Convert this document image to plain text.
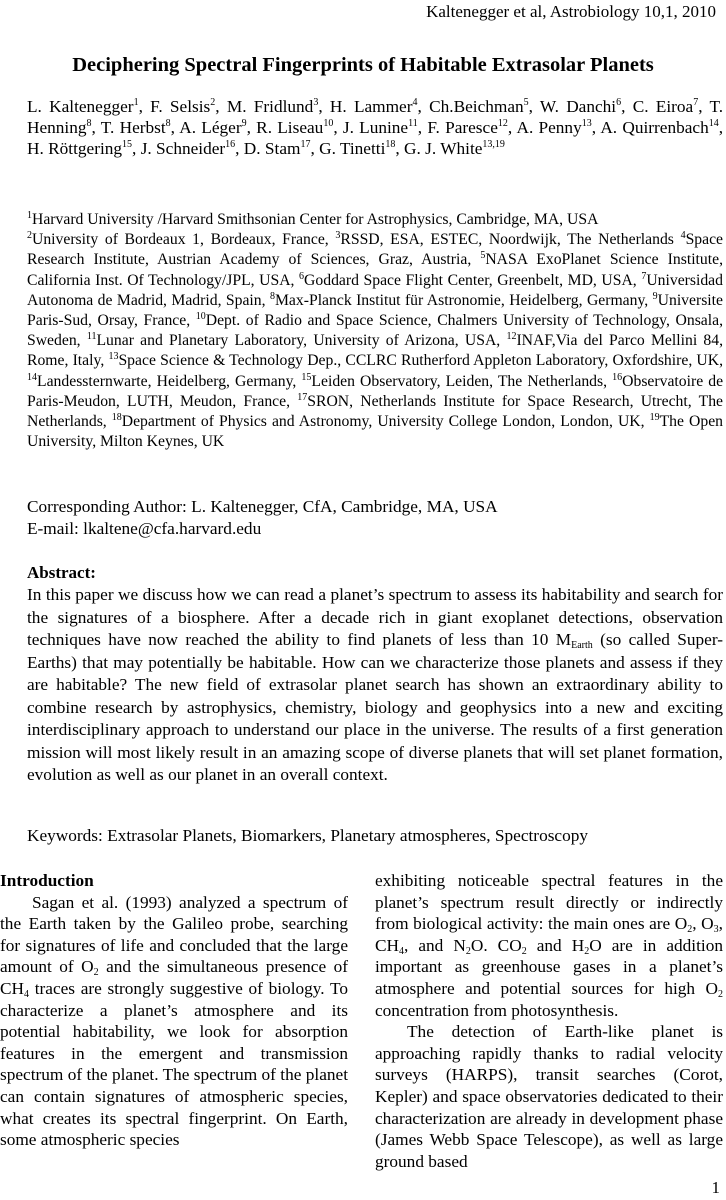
Kaltenegger et al, Astrobiology 10,1, 2010
Deciphering Spectral Fingerprints of Habitable Extrasolar Planets
L. Kaltenegger$^1$, F. Selsis$^2$, M. Fridlund$^3$, H. Lammer$^4$, Ch.Beichman$^5$, W. Danchi$^6$, C. Eiroa$^7$, T. Henning$^8$, T. Herbst$^8$, A. Léger$^9$, R. Liseau$^{10}$, J. Lunine$^{11}$, F. Paresce$^{12}$, A. Penny$^{13}$, A. Quirrenbach$^{14}$, H. Röttgering$^{15}$, J. Schneider$^{16}$, D. Stam$^{17}$, G. Tinetti$^{18}$, G. J. White$^{13,19}$
$^1$Harvard University /Harvard Smithsonian Center for Astrophysics, Cambridge, MA, USA
$^2$University of Bordeaux 1, Bordeaux, France, $^3$RSSD, ESA, ESTEC, Noordwijk, The Netherlands $^4$Space Research Institute, Austrian Academy of Sciences, Graz, Austria, $^5$NASA ExoPlanet Science Institute, California Inst. Of Technology/JPL, USA, $^6$Goddard Space Flight Center, Greenbelt, MD, USA, $^7$Universidad Autonoma de Madrid, Madrid, Spain, $^8$Max-Planck Institut für Astronomie, Heidelberg, Germany, $^9$Universite Paris-Sud, Orsay, France, $^{10}$Dept. of Radio and Space Science, Chalmers University of Technology, Onsala, Sweden, $^{11}$Lunar and Planetary Laboratory, University of Arizona, USA, $^{12}$INAF,Via del Parco Mellini 84, Rome, Italy, $^{13}$Space Science & Technology Dep., CCLRC Rutherford Appleton Laboratory, Oxfordshire, UK, $^{14}$Landessternwarte, Heidelberg, Germany, $^{15}$Leiden Observatory, Leiden, The Netherlands, $^{16}$Observatoire de Paris-Meudon, LUTH, Meudon, France, $^{17}$SRON, Netherlands Institute for Space Research, Utrecht, The Netherlands, $^{18}$Department of Physics and Astronomy, University College London, London, UK, $^{19}$The Open University, Milton Keynes, UK
Corresponding Author: L. Kaltenegger, CfA, Cambridge, MA, USA
E-mail: lkaltene@cfa.harvard.edu
Abstract:
In this paper we discuss how we can read a planet’s spectrum to assess its habitability and search for the signatures of a biosphere. After a decade rich in giant exoplanet detections, observation techniques have now reached the ability to find planets of less than 10 $M_{Earth}$ (so called Super-Earths) that may potentially be habitable. How can we characterize those planets and assess if they are habitable? The new field of extrasolar planet search has shown an extraordinary ability to combine research by astrophysics, chemistry, biology and geophysics into a new and exciting interdisciplinary approach to understand our place in the universe. The results of a first generation mission will most likely result in an amazing scope of diverse planets that will set planet formation, evolution as well as our planet in an overall context.
Keywords: Extrasolar Planets, Biomarkers, Planetary atmospheres, Spectroscopy
Introduction

Sagan et al. (1993) analyzed a spectrum of the Earth taken by the Galileo probe, searching for signatures of life and concluded that the large amount of $O_2$ and the simultaneous presence of $CH_4$ traces are strongly suggestive of biology. To characterize a planet’s atmosphere and its potential habitability, we look for absorption features in the emergent and transmission spectrum of the planet. The spectrum of the planet can contain signatures of atmospheric species, what creates its spectral fingerprint. On Earth, some atmospheric species

exhibiting noticeable spectral features in the planet’s spectrum result directly or indirectly from biological activity: the main ones are $O_2$, $O_3$, $CH_4$, and $N_2O$. $CO_2$ and $H_2O$ are in addition important as greenhouse gases in a planet’s atmosphere and potential sources for high $O_2$ concentration from photosynthesis.

The detection of Earth-like planet is approaching rapidly thanks to radial velocity surveys (HARPS), transit searches (Corot, Kepler) and space observatories dedicated to their characterization are already in development phase (James Webb Space Telescope), as well as large ground based

1
